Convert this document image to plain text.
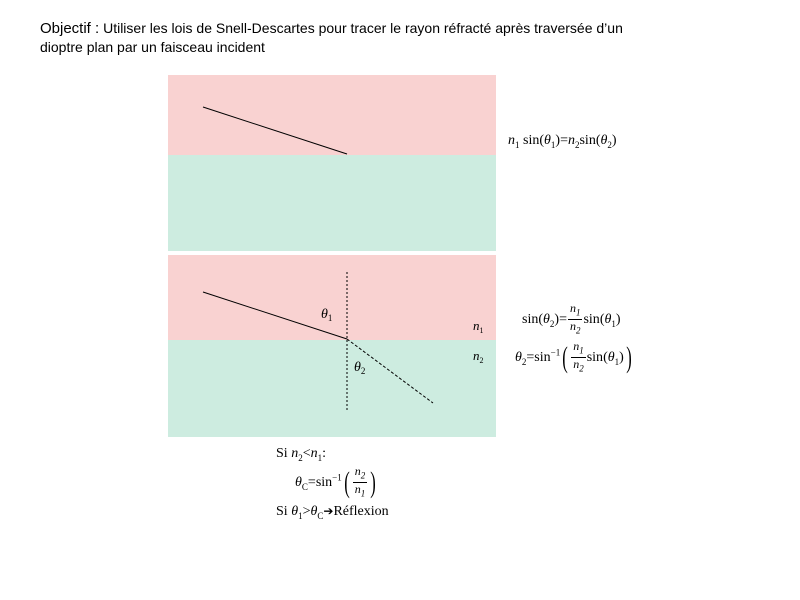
Objectif : Utiliser les lois de Snell-Descartes pour tracer le rayon réfracté après traversée d’un dioptre plan par un faisceau incident
$\theta_1$
$\theta_2$
$n_1$
$n_2$
$n_1$ $\sin(\theta_1)=n_2\sin(\theta_2)$
$\sin(\theta_2)= \frac{n_1}{n_2} \sin(\theta_1)$
$\theta_2=\sin^{-1}( \frac{n_1}{n_2} \sin(\theta_1))$
Si $n_2<n_1$:
$\theta_C=\sin^{-1}( \frac{n_2}{n_1}$ )
Si $\theta_1>\theta_C➔Réflexion$
